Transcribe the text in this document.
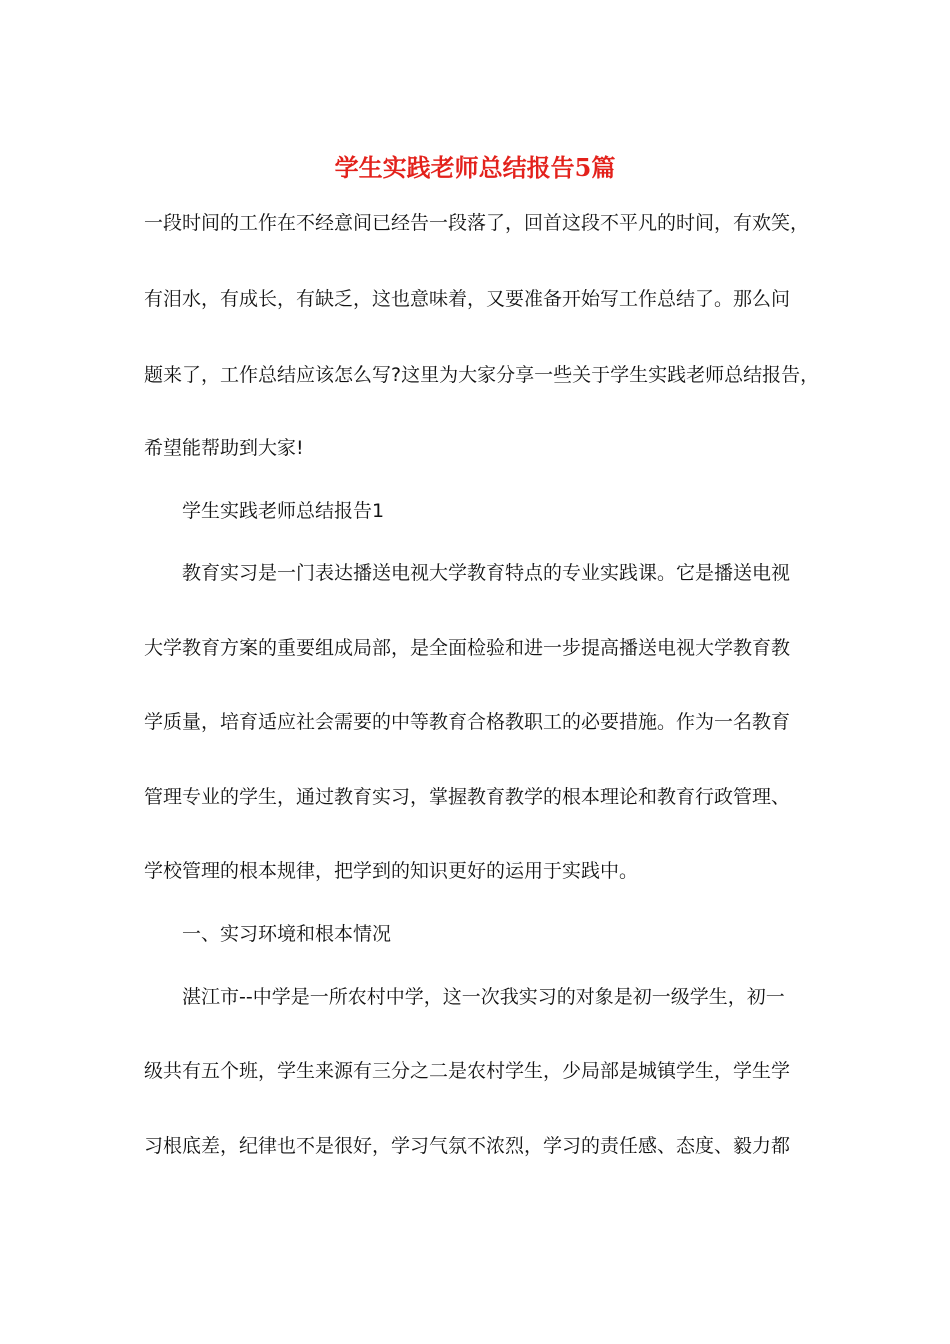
学生实践老师总结报告5篇
一段时间的工作在不经意间已经告一段落了，回首这段不平凡的时间，有欢笑，
有泪水，有成长，有缺乏，这也意味着，又要准备开始写工作总结了。那么问
题来了，工作总结应该怎么写?这里为大家分享一些关于学生实践老师总结报告，
希望能帮助到大家!
学生实践老师总结报告1
教育实习是一门表达播送电视大学教育特点的专业实践课。它是播送电视
大学教育方案的重要组成局部，是全面检验和进一步提高播送电视大学教育教
学质量，培育适应社会需要的中等教育合格教职工的必要措施。作为一名教育
管理专业的学生，通过教育实习，掌握教育教学的根本理论和教育行政管理、
学校管理的根本规律，把学到的知识更好的运用于实践中。
一、实习环境和根本情况
湛江市--中学是一所农村中学，这一次我实习的对象是初一级学生，初一
级共有五个班，学生来源有三分之二是农村学生，少局部是城镇学生，学生学
习根底差，纪律也不是很好，学习气氛不浓烈，学习的责任感、态度、毅力都
